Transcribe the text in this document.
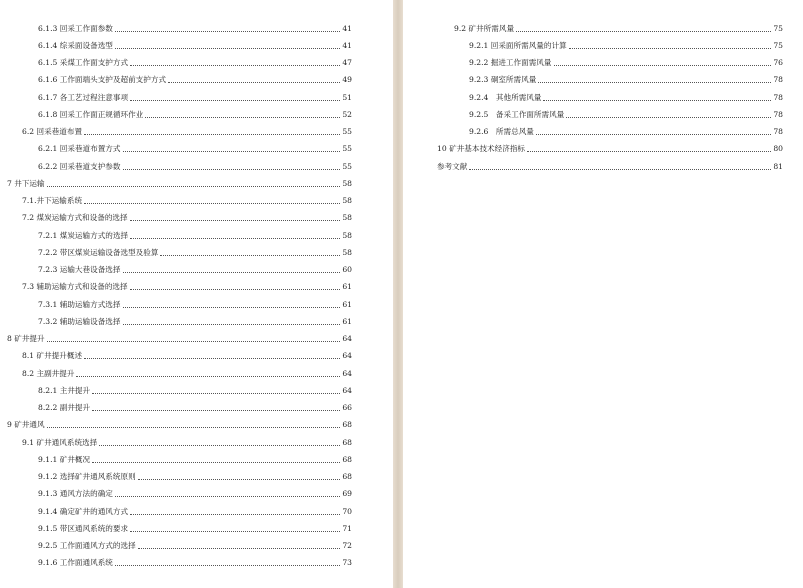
6.1.3 回采工作面参数	41
6.1.4 综采面设备选型	41
6.1.5 采煤工作面支护方式	47
6.1.6 工作面端头支护及超前支护方式	49
6.1.7 各工艺过程注意事项	51
6.1.8 回采工作面正规循环作业	52
6.2 回采巷道布置	55
6.2.1 回采巷道布置方式	55
6.2.2 回采巷道支护参数	55
7 井下运输	58
7.1.井下运输系统	58
7.2 煤炭运输方式和设备的选择	58
7.2.1 煤炭运输方式的选择	58
7.2.2 带区煤炭运输设备选型及验算	58
7.2.3 运输大巷设备选择	60
7.3 辅助运输方式和设备的选择	61
7.3.1 辅助运输方式选择	61
7.3.2 辅助运输设备选择	61
8 矿井提升	64
8.1 矿井提升概述	64
8.2 主副井提升	64
8.2.1 主井提升	64
8.2.2 副井提升	66
9 矿井通风	68
9.1 矿井通风系统选择	68
9.1.1 矿井概况	68
9.1.2 选择矿井通风系统原则	68
9.1.3 通风方法的确定	69
9.1.4 确定矿井的通风方式	70
9.1.5 带区通风系统的要求	71
9.2.5 工作面通风方式的选择	72
9.1.6 工作面通风系统	73
9.2 矿井所需风量	75
9.2.1 回采面所需风量的计算	75
9.2.2 掘进工作面需风量	76
9.2.3 硐室所需风量	78
9.2.4　其他所需风量	78
9.2.5　备采工作面所需风量	78
9.2.6　所需总风量	78
10 矿井基本技术经济指标	80
参考文献	81
